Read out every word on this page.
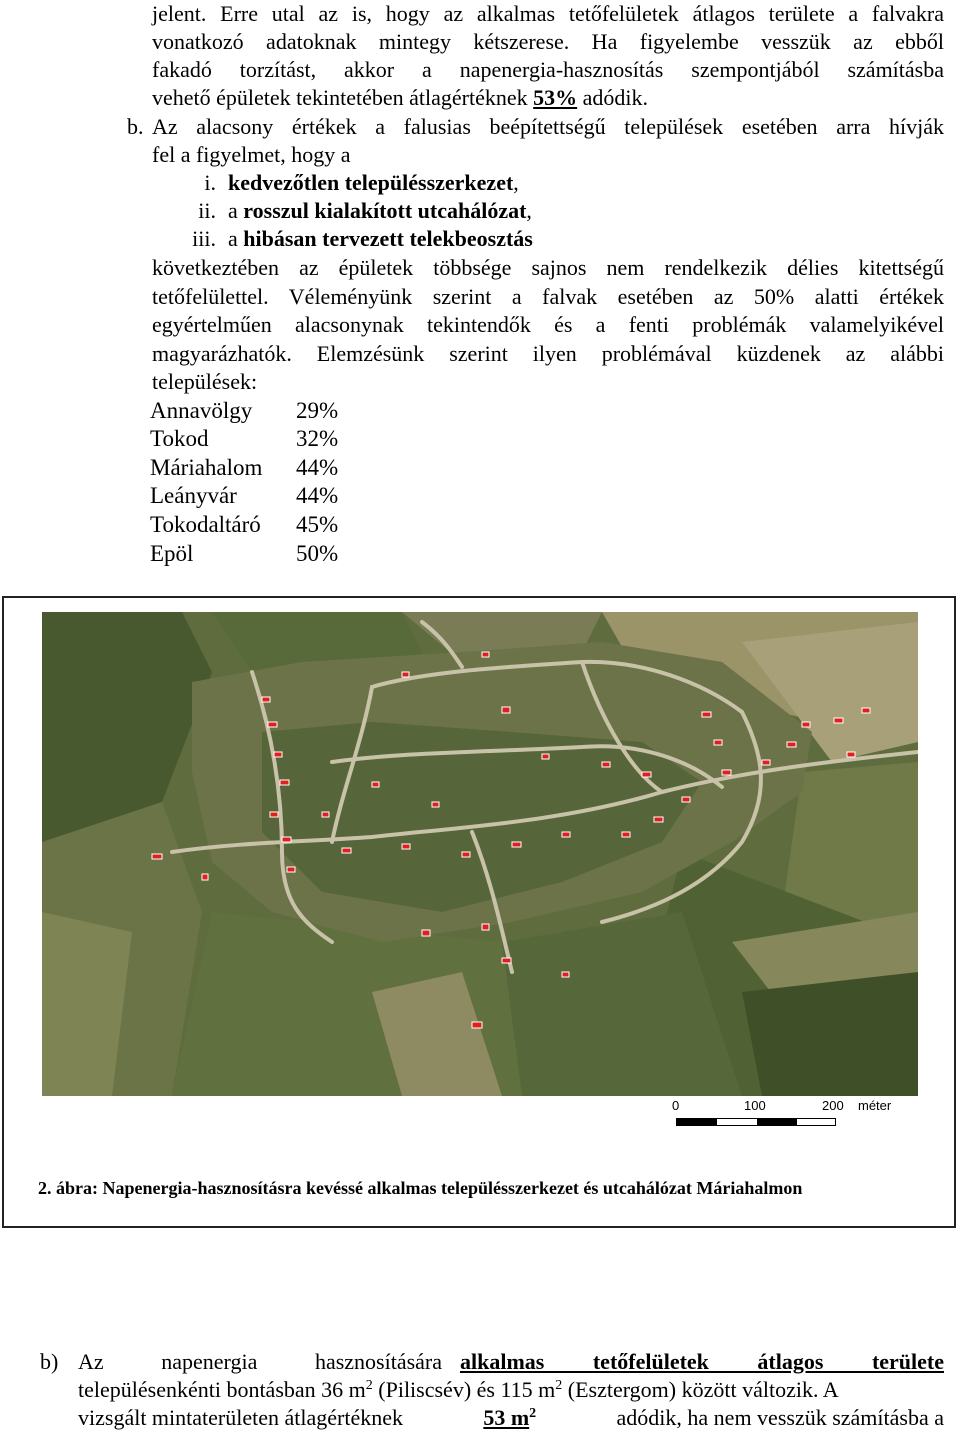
jelent. Erre utal az is, hogy az alkalmas tetőfelületek átlagos területe a falvakra
vonatkozó adatoknak mintegy kétszerese. Ha figyelembe vesszük az ebből
fakadó torzítást, akkor a napenergia-hasznosítás szempontjából számításba
vehető épületek tekintetében átlagértéknek 53% adódik.
b. Az alacsony értékek a falusias beépítettségű települések esetében arra hívják
fel a figyelmet, hogy a
i. kedvezőtlen településszerkezet,
ii. a rosszul kialakított utcahálózat,
iii. a hibásan tervezett telekbeosztás
következtében az épületek többsége sajnos nem rendelkezik délies kitettségű
tetőfelülettel. Véleményünk szerint a falvak esetében az 50% alatti értékek
egyértelműen alacsonynak tekintendők és a fenti problémák valamelyikével
magyarázhatók. Elemzésünk szerint ilyen problémával küzdenek az alábbi
települések:
Annavölgy 29%
Tokod	32%
Máriahalom 44%
Leányvár	44%
Tokodaltáró 45%
Epöl	50%
0	100	200 méter
2. ábra: Napenergia-hasznosításra kevéssé alkalmas településszerkezet és utcahálózat Máriahalmon
b) Az napenergia hasznosítására alkalmas tetőfelületek átlagos területe
településenkénti bontásban 36 $m^2$ (Piliscsév) és 115 $m^2$ (Esztergom) között változik. A
vizsgált mintaterületen átlagértéknek	53 $m^2$	adódik, ha nem vesszük számításba a
